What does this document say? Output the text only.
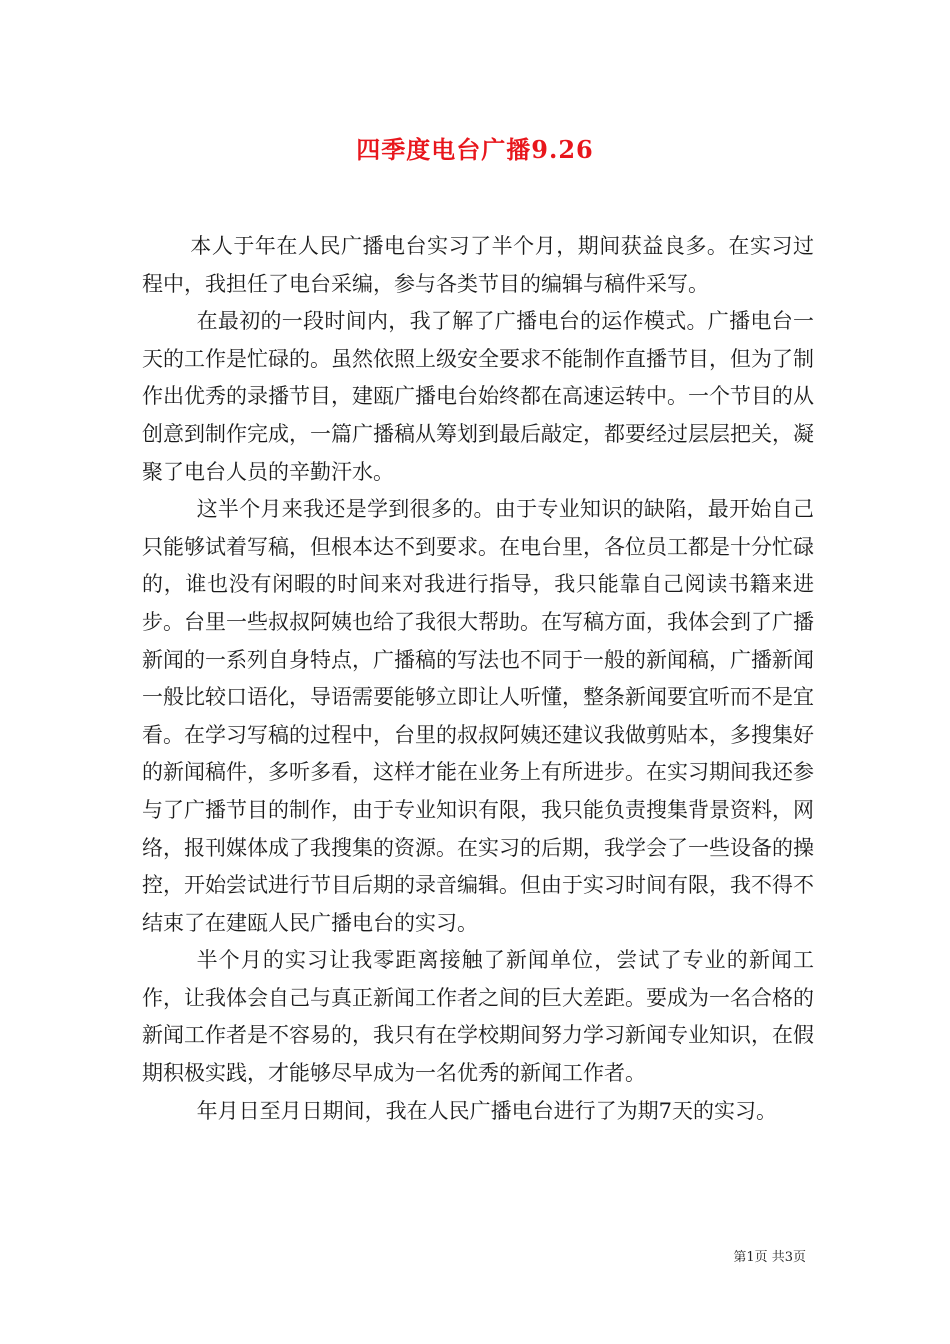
四季度电台广播9.26

本人于年在人民广播电台实习了半个月，期间获益良多。在实习过程中，我担任了电台采编，参与各类节目的编辑与稿件采写。

在最初的一段时间内，我了解了广播电台的运作模式。广播电台一天的工作是忙碌的。虽然依照上级安全要求不能制作直播节目，但为了制作出优秀的录播节目，建瓯广播电台始终都在高速运转中。一个节目的从创意到制作完成，一篇广播稿从筹划到最后敲定，都要经过层层把关，凝聚了电台人员的辛勤汗水。

这半个月来我还是学到很多的。由于专业知识的缺陷，最开始自己只能够试着写稿，但根本达不到要求。在电台里，各位员工都是十分忙碌的，谁也没有闲暇的时间来对我进行指导，我只能靠自己阅读书籍来进步。台里一些叔叔阿姨也给了我很大帮助。在写稿方面，我体会到了广播新闻的一系列自身特点，广播稿的写法也不同于一般的新闻稿，广播新闻一般比较口语化，导语需要能够立即让人听懂，整条新闻要宜听而不是宜看。在学习写稿的过程中，台里的叔叔阿姨还建议我做剪贴本，多搜集好的新闻稿件，多听多看，这样才能在业务上有所进步。在实习期间我还参与了广播节目的制作，由于专业知识有限，我只能负责搜集背景资料，网络，报刊媒体成了我搜集的资源。在实习的后期，我学会了一些设备的操控，开始尝试进行节目后期的录音编辑。但由于实习时间有限，我不得不结束了在建瓯人民广播电台的实习。

半个月的实习让我零距离接触了新闻单位，尝试了专业的新闻工作，让我体会自己与真正新闻工作者之间的巨大差距。要成为一名合格的新闻工作者是不容易的，我只有在学校期间努力学习新闻专业知识，在假期积极实践，才能够尽早成为一名优秀的新闻工作者。

年月日至月日期间，我在人民广播电台进行了为期7天的实习。

第1页 共3页
